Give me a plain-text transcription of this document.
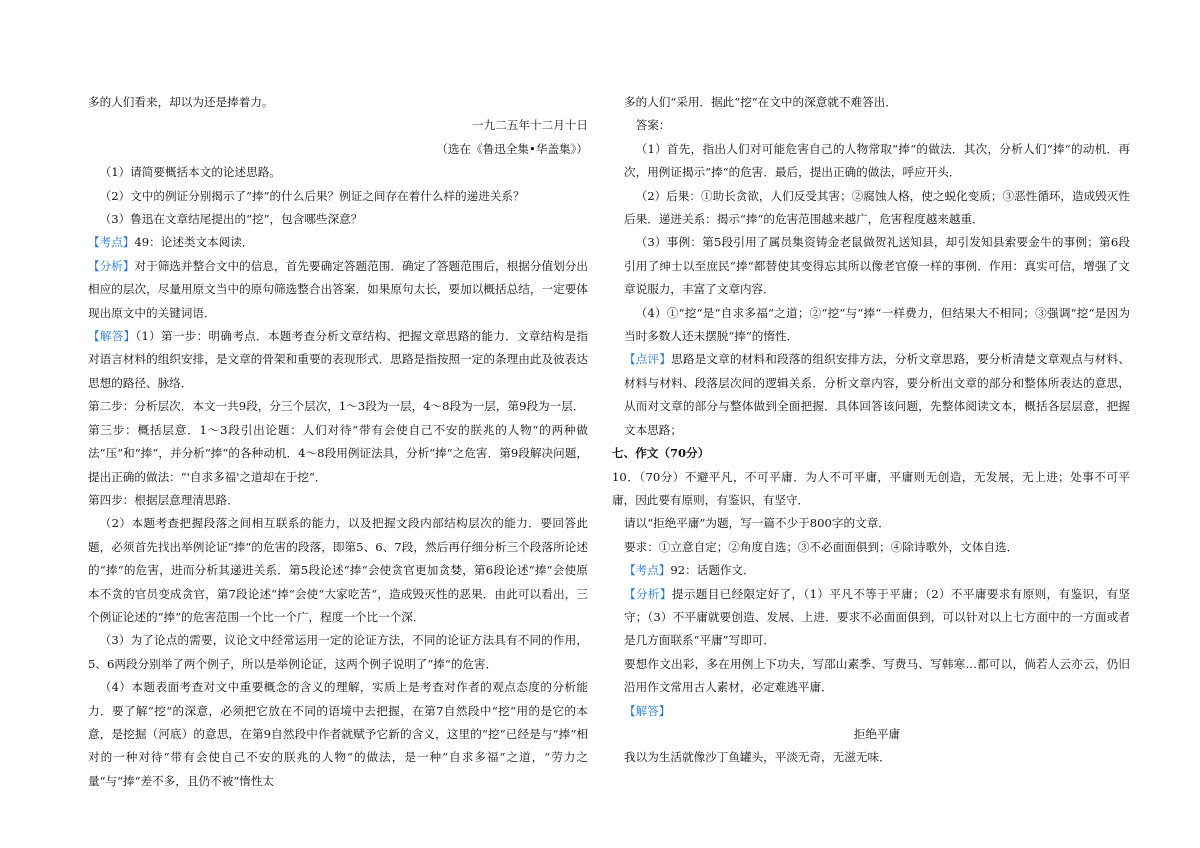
多的人们看来，却以为还是捧着力。

一九二五年十二月十日

（选在《鲁迅全集•华盖集》）

（1）请简要概括本文的论述思路。

（2）文中的例证分别揭示了“捧”的什么后果？例证之间存在着什么样的递进关系？

（3）鲁迅在文章结尾提出的“挖”，包含哪些深意？

【考点】49：论述类文本阅读．

【分析】对于筛选并整合文中的信息，首先要确定答题范围．确定了答题范围后，根据分值划分出相应的层次，尽量用原文当中的原句筛选整合出答案．如果原句太长，要加以概括总结，一定要体现出原文中的关键词语．

【解答】（1）第一步：明确考点．本题考查分析文章结构、把握文章思路的能力．文章结构是指对语言材料的组织安排，是文章的骨架和重要的表现形式．思路是指按照一定的条理由此及彼表达思想的路径、脉络．

第二步：分析层次．本文一共9段，分三个层次，1～3段为一层，4～8段为一层，第9段为一层．

第三步：概括层意．1～3段引出论题：人们对待“带有会使自己不安的朕兆的人物“的两种做法“压“和“捧“，并分析“捧“的各种动机．4～8段用例证法具，分析“捧“之危害．第9段解决问题，提出正确的做法：“'自求多福'之道却在于挖“．

第四步：根据层意理清思路．

（2）本题考查把握段落之间相互联系的能力，以及把握文段内部结构层次的能力．要回答此题，必须首先找出举例论证“捧“的危害的段落，即第5、6、7段，然后再仔细分析三个段落所论述的“捧“的危害，进而分析其递进关系．第5段论述“捧“会使贪官更加贪婪，第6段论述“捧“会使原本不贪的官员变成贪官，第7段论述“捧“会使“大家吃苦“，造成毁灭性的恶果．由此可以看出，三个例证论述的“捧“的危害范围一个比一个广，程度一个比一个深．

（3）为了论点的需要，议论文中经常运用一定的论证方法，不同的论证方法具有不同的作用，5、6两段分别举了两个例子，所以是举例论证，这两个例子说明了“捧“的危害．

（4）本题表面考查对文中重要概念的含义的理解，实质上是考查对作者的观点态度的分析能力．要了解“挖“的深意，必须把它放在不同的语境中去把握，在第7自然段中“挖“用的是它的本意，是挖掘（河底）的意思，在第9自然段中作者就赋予它新的含义，这里的“挖“已经是与“捧“相对的一种对待“带有会使自己不安的朕兆的人物“的做法，是一种“自求多福“之道，“劳力之量“与“捧“差不多，且仍不被“惰性太

多的人们“采用．据此“挖“在文中的深意就不难答出．

答案：

（1）首先，指出人们对可能危害自己的人物常取“捧“的做法．其次，分析人们“捧“的动机．再次，用例证揭示“捧“的危害．最后，提出正确的做法，呼应开头．

（2）后果：①助长贪欲，人们反受其害；②腐蚀人格，使之蜕化变质；③恶性循环，造成毁灭性后果．递进关系：揭示“捧“的危害范围越来越广，危害程度越来越重．

（3）事例：第5段引用了属员集资铸金老鼠做贺礼送知县，却引发知县索要金牛的事例；第6段引用了绅士以至庶民“捧“都替使其变得忘其所以像老官僚一样的事例．作用：真实可信，增强了文章说服力，丰富了文章内容．

（4）①“挖“是“自求多福“之道；②“挖“与“捧“一样费力，但结果大不相同；③强调“挖“是因为当时多数人还未摆脱“捧“的惰性．

【点评】思路是文章的材料和段落的组织安排方法，分析文章思路，要分析清楚文章观点与材料、材料与材料、段落层次间的逻辑关系．分析文章内容，要分析出文章的部分和整体所表达的意思，从而对文章的部分与整体做到全面把握．具体回答该问题，先整体阅读文本，概括各层层意，把握文本思路；

七、作文（70分）

10．（70分）不避平凡，不可平庸．为人不可平庸，平庸则无创造，无发展，无上进；处事不可平庸，因此要有原则，有鉴识，有坚守．

请以“拒绝平庸”为题，写一篇不少于800字的文章．

要求：①立意自定；②角度自选；③不必面面俱到；④除诗歌外，文体自选．

【考点】92：话题作文．

【分析】提示题目已经限定好了，（1）平凡不等于平庸；（2）不平庸要求有原则，有鉴识，有坚守；（3）不平庸就要创造、发展、上进．要求不必面面俱到，可以针对以上七方面中的一方面或者是几方面联系“平庸”写即可．

要想作文出彩，多在用例上下功夫，写邵山素季、写费马、写韩寒…都可以，倘若人云亦云，仍旧沿用作文常用古人素材，必定难逃平庸．

【解答】

拒绝平庸

我以为生活就像沙丁鱼罐头，平淡无奇，无滋无味．
